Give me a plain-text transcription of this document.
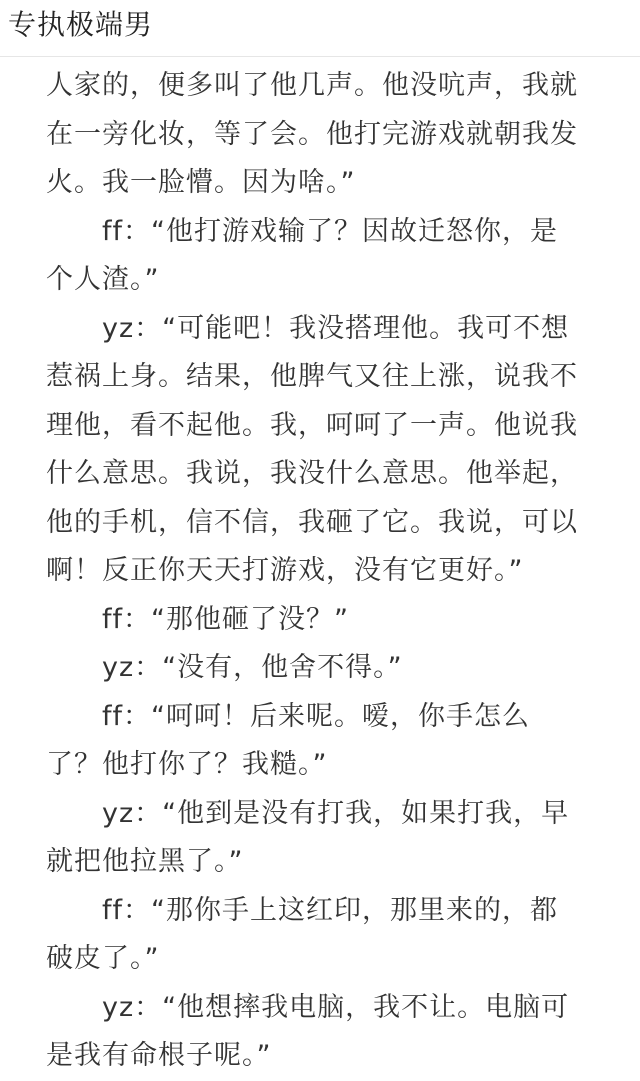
专执极端男
人家的，便多叫了他几声。他没吭声，我就
在一旁化妆，等了会。他打完游戏就朝我发
火。我一脸懵。因为啥。”
ff：“他打游戏输了？因故迁怒你，是
个人渣。”
yz：“可能吧！我没搭理他。我可不想
惹祸上身。结果，他脾气又往上涨，说我不
理他，看不起他。我，呵呵了一声。他说我
什么意思。我说，我没什么意思。他举起，
他的手机，信不信，我砸了它。我说，可以
啊！反正你天天打游戏，没有它更好。”
ff：“那他砸了没？”
yz：“没有，他舍不得。”
ff：“呵呵！后来呢。嗳，你手怎么
了？他打你了？我糙。”
yz：“他到是没有打我，如果打我，早
就把他拉黑了。”
ff：“那你手上这红印，那里来的，都
破皮了。”
yz：“他想摔我电脑，我不让。电脑可
是我有命根子呢。”
